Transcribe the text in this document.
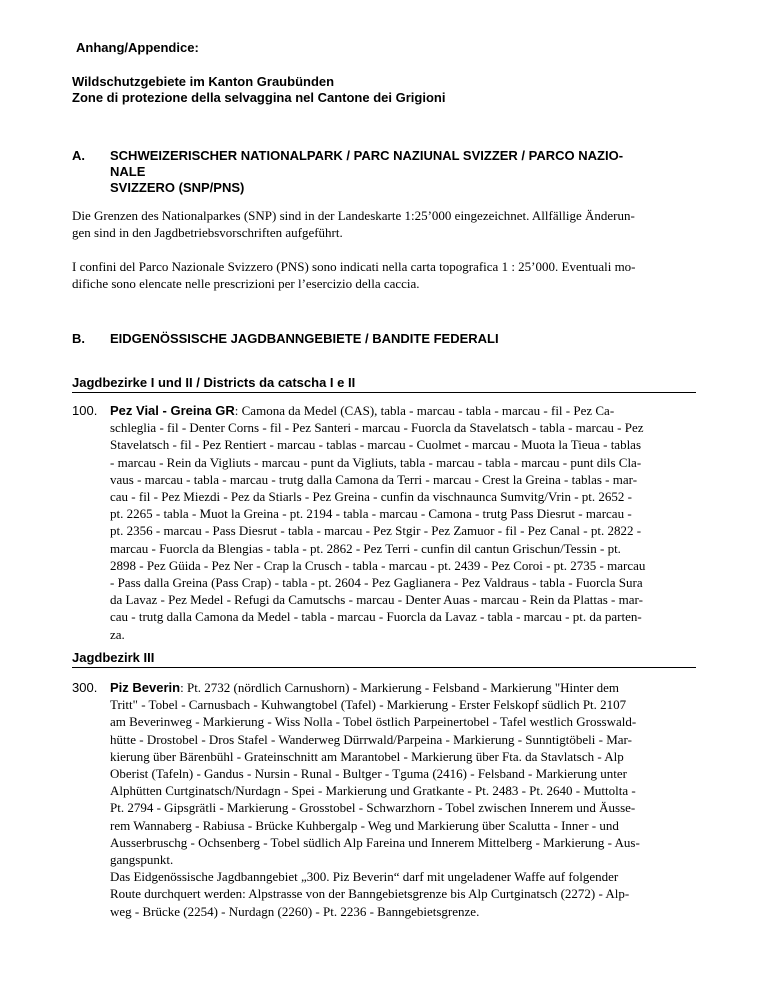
Anhang/Appendice:
Wildschutzgebiete im Kanton Graubünden
Zone di protezione della selvaggina nel Cantone dei Grigioni
A. SCHWEIZERISCHER NATIONALPARK / PARC NAZIUNAL SVIZZER / PARCO NAZIO-
NALE
SVIZZERO (SNP/PNS)
Die Grenzen des Nationalparkes (SNP) sind in der Landeskarte 1:25’000 eingezeichnet. Allfällige Änderun-
gen sind in den Jagdbetriebsvorschriften aufgeführt.
I confini del Parco Nazionale Svizzero (PNS) sono indicati nella carta topografica 1 : 25’000. Eventuali mo-
difiche sono elencate nelle prescrizioni per l’esercizio della caccia.
B. EIDGENÖSSISCHE JAGDBANNGEBIETE / BANDITE FEDERALI
Jagdbezirke I und II / Districts da catscha I e II
100. Pez Vial - Greina GR: Camona da Medel (CAS), tabla - marcau - tabla - marcau - fil - Pez Ca-
schleglia - fil - Denter Corns - fil - Pez Santeri - marcau - Fuorcla da Stavelatsch - tabla - marcau - Pez
Stavelatsch - fil - Pez Rentiert - marcau - tablas - marcau - Cuolmet - marcau - Muota la Tieua - tablas
- marcau - Rein da Vigliuts - marcau - punt da Vigliuts, tabla - marcau - tabla - marcau - punt dils Cla-
vaus - marcau - tabla - marcau - trutg dalla Camona da Terri - marcau - Crest la Greina - tablas - mar-
cau - fil - Pez Miezdi - Pez da Stiarls - Pez Greina - cunfin da vischnaunca Sumvitg/Vrin - pt. 2652 -
pt. 2265 - tabla - Muot la Greina - pt. 2194 - tabla - marcau - Camona - trutg Pass Diesrut - marcau -
pt. 2356 - marcau - Pass Diesrut - tabla - marcau - Pez Stgir - Pez Zamuor - fil - Pez Canal - pt. 2822 -
marcau - Fuorcla da Blengias - tabla - pt. 2862 - Pez Terri - cunfin dil cantun Grischun/Tessin - pt.
2898 - Pez Güida - Pez Ner - Crap la Crusch - tabla - marcau - pt. 2439 - Pez Coroi - pt. 2735 - marcau
- Pass dalla Greina (Pass Crap) - tabla - pt. 2604 - Pez Gaglianera - Pez Valdraus - tabla - Fuorcla Sura
da Lavaz - Pez Medel - Refugi da Camutschs - marcau - Denter Auas - marcau - Rein da Plattas - mar-
cau - trutg dalla Camona da Medel - tabla - marcau - Fuorcla da Lavaz - tabla - marcau - pt. da parten-
za.
Jagdbezirk III
300. Piz Beverin: Pt. 2732 (nördlich Carnushorn) - Markierung - Felsband - Markierung "Hinter dem
Tritt" - Tobel - Carnusbach - Kuhwangtobel (Tafel) - Markierung - Erster Felskopf südlich Pt. 2107
am Beverinweg - Markierung - Wiss Nolla - Tobel östlich Parpeinertobel - Tafel westlich Grosswald-
hütte - Drostobel - Dros Stafel - Wanderweg Dürrwald/Parpeina - Markierung - Sunntigtöbeli - Mar-
kierung über Bärenbühl - Grateinschnitt am Marantobel - Markierung über Fta. da Stavlatsch - Alp
Oberist (Tafeln) - Gandus - Nursin - Runal - Bultger - Tguma (2416) - Felsband - Markierung unter
Alphütten Curtginatsch/Nurdagn - Spei - Markierung und Gratkante - Pt. 2483 - Pt. 2640 - Muttolta -
Pt. 2794 - Gipsgrätli - Markierung - Grosstobel - Schwarzhorn - Tobel zwischen Innerem und Äusse-
rem Wannaberg - Rabiusa - Brücke Kuhbergalp - Weg und Markierung über Scalutta - Inner - und
Ausserbruschg - Ochsenberg - Tobel südlich Alp Fareina und Innerem Mittelberg - Markierung - Aus-
gangspunkt.
Das Eidgenössische Jagdbanngebiet „300. Piz Beverin“ darf mit ungeladener Waffe auf folgender
Route durchquert werden: Alpstrasse von der Banngebietsgrenze bis Alp Curtginatsch (2272) - Alp-
weg - Brücke (2254) - Nurdagn (2260) - Pt. 2236 - Banngebietsgrenze.
